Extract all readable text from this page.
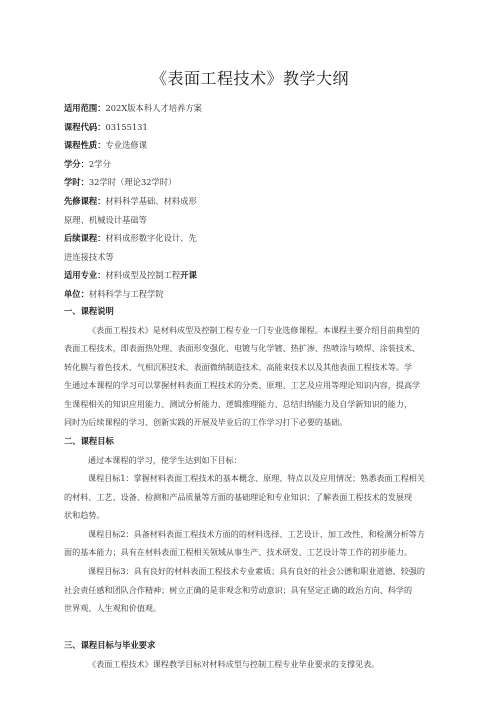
《表面工程技术》教学大纲
适用范围：202X版本科人才培养方案
课程代码：03155131
课程性质：专业选修课
学分：2学分
学时：32学时（理论32学时）
先修课程：材料科学基础、材料成形
原理、机械设计基础等
后续课程：材料成形数字化设计、先
进连接技术等
适用专业：材料成型及控制工程开课
单位：材料科学与工程学院
一、课程说明
《表面工程技术》是材料成型及控制工程专业一门专业选修课程。本课程主要介绍目前典型的
表面工程技术，即表面热处理、表面形变强化、电镀与化学镀、热扩渗、热喷涂与喷焊、涂装技术、
转化膜与着色技术、气相沉积技术、表面微纳制造技术、高能束技术以及其他表面工程技术等。学
生通过本课程的学习可以掌握材料表面工程技术的分类、原理、工艺及应用等理论知识内容，提高学
生课程相关的知识应用能力、测试分析能力、逻辑推理能力、总结归纳能力及自学新知识的能力，
同时为后续课程的学习、创新实践的开展及毕业后的工作学习打下必要的基础。
二、课程目标
通过本课程的学习，使学生达到如下目标：
课程目标1：掌握材料表面工程技术的基本概念、原理、特点以及应用情况；熟悉表面工程相关
的材料、工艺、设备、检测和产品质量等方面的基础理论和专业知识；了解表面工程技术的发展现
状和趋势。
课程目标2：具备材料表面工程技术方面的的材料选择、工艺设计、加工改性、和检测分析等方
面的基本能力；具有在材料表面工程相关领域从事生产、技术研发、工艺设计等工作的初步能力。
课程目标3：具有良好的材料表面工程技术专业素质；具有良好的社会公德和职业道德、较强的
社会责任感和团队合作精神；树立正确的是非观念和劳动意识；具有坚定正确的政治方向、科学的
世界观、人生观和价值观。
三、课程目标与毕业要求
《表面工程技术》课程教学目标对材料成型与控制工程专业毕业要求的支撑见表。
